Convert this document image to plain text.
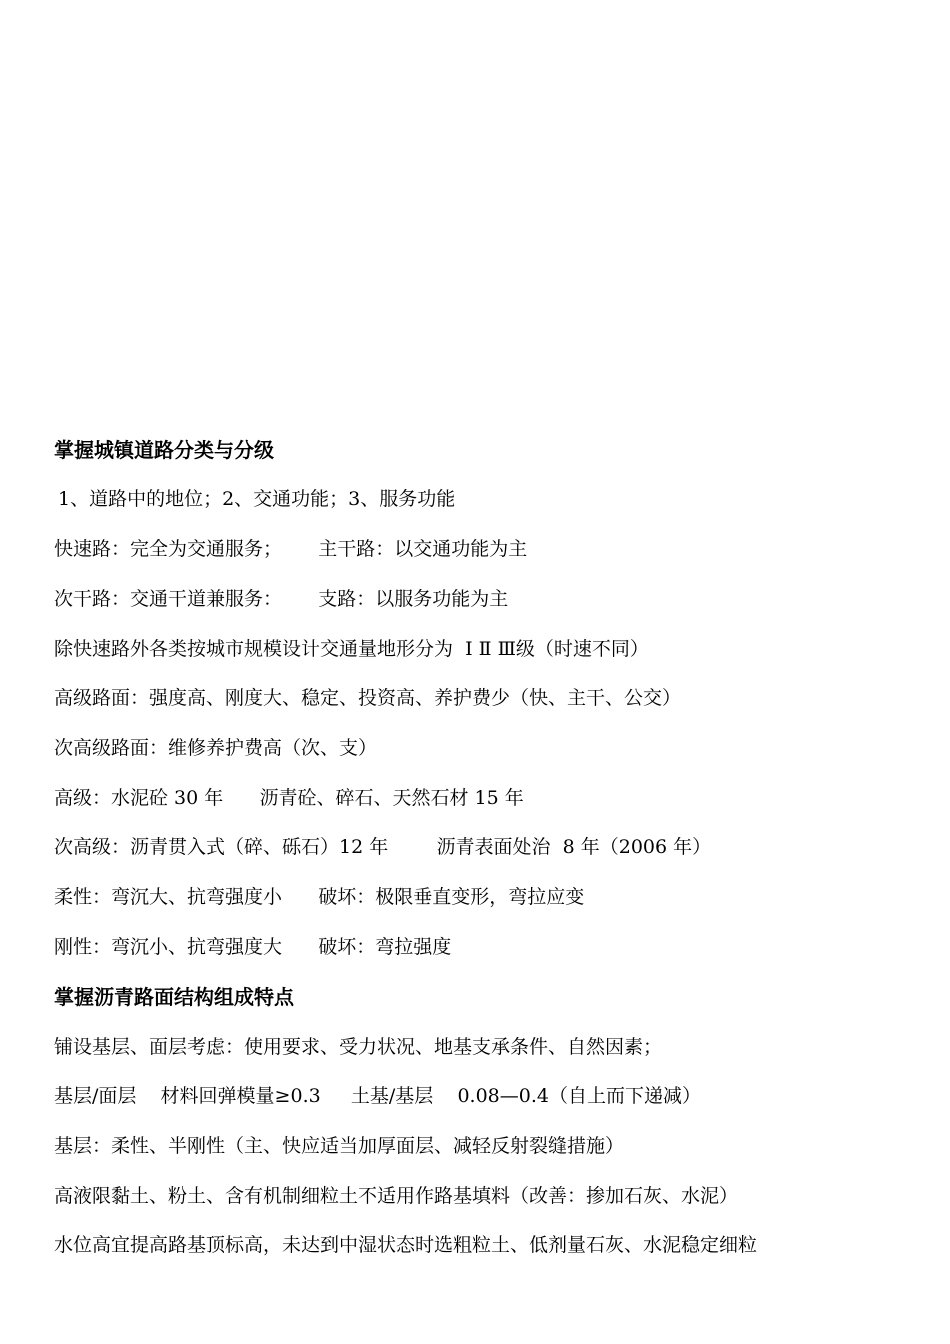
掌握城镇道路分类与分级
1、道路中的地位；2、交通功能；3、服务功能
快速路：完全为交通服务；      主干路：以交通功能为主
次干路：交通干道兼服务：      支路：以服务功能为主
除快速路外各类按城市规模设计交通量地形分为  Ⅰ Ⅱ Ⅲ级（时速不同）
高级路面：强度高、刚度大、稳定、投资高、养护费少（快、主干、公交）
次高级路面：维修养护费高（次、支）
高级：水泥砼 30 年      沥青砼、碎石、天然石材 15 年
次高级：沥青贯入式（碎、砾石）12 年        沥青表面处治  8 年（2006 年）
柔性：弯沉大、抗弯强度小      破坏：极限垂直变形，弯拉应变
刚性：弯沉小、抗弯强度大      破坏：弯拉强度
掌握沥青路面结构组成特点
铺设基层、面层考虑：使用要求、受力状况、地基支承条件、自然因素；
基层/面层    材料回弹模量≥0.3     土基/基层    0.08—0.4（自上而下递减）
基层：柔性、半刚性（主、快应适当加厚面层、减轻反射裂缝措施）
高液限黏土、粉土、含有机制细粒土不适用作路基填料（改善：掺加石灰、水泥）
水位高宜提高路基顶标高，未达到中湿状态时选粗粒土、低剂量石灰、水泥稳定细粒
